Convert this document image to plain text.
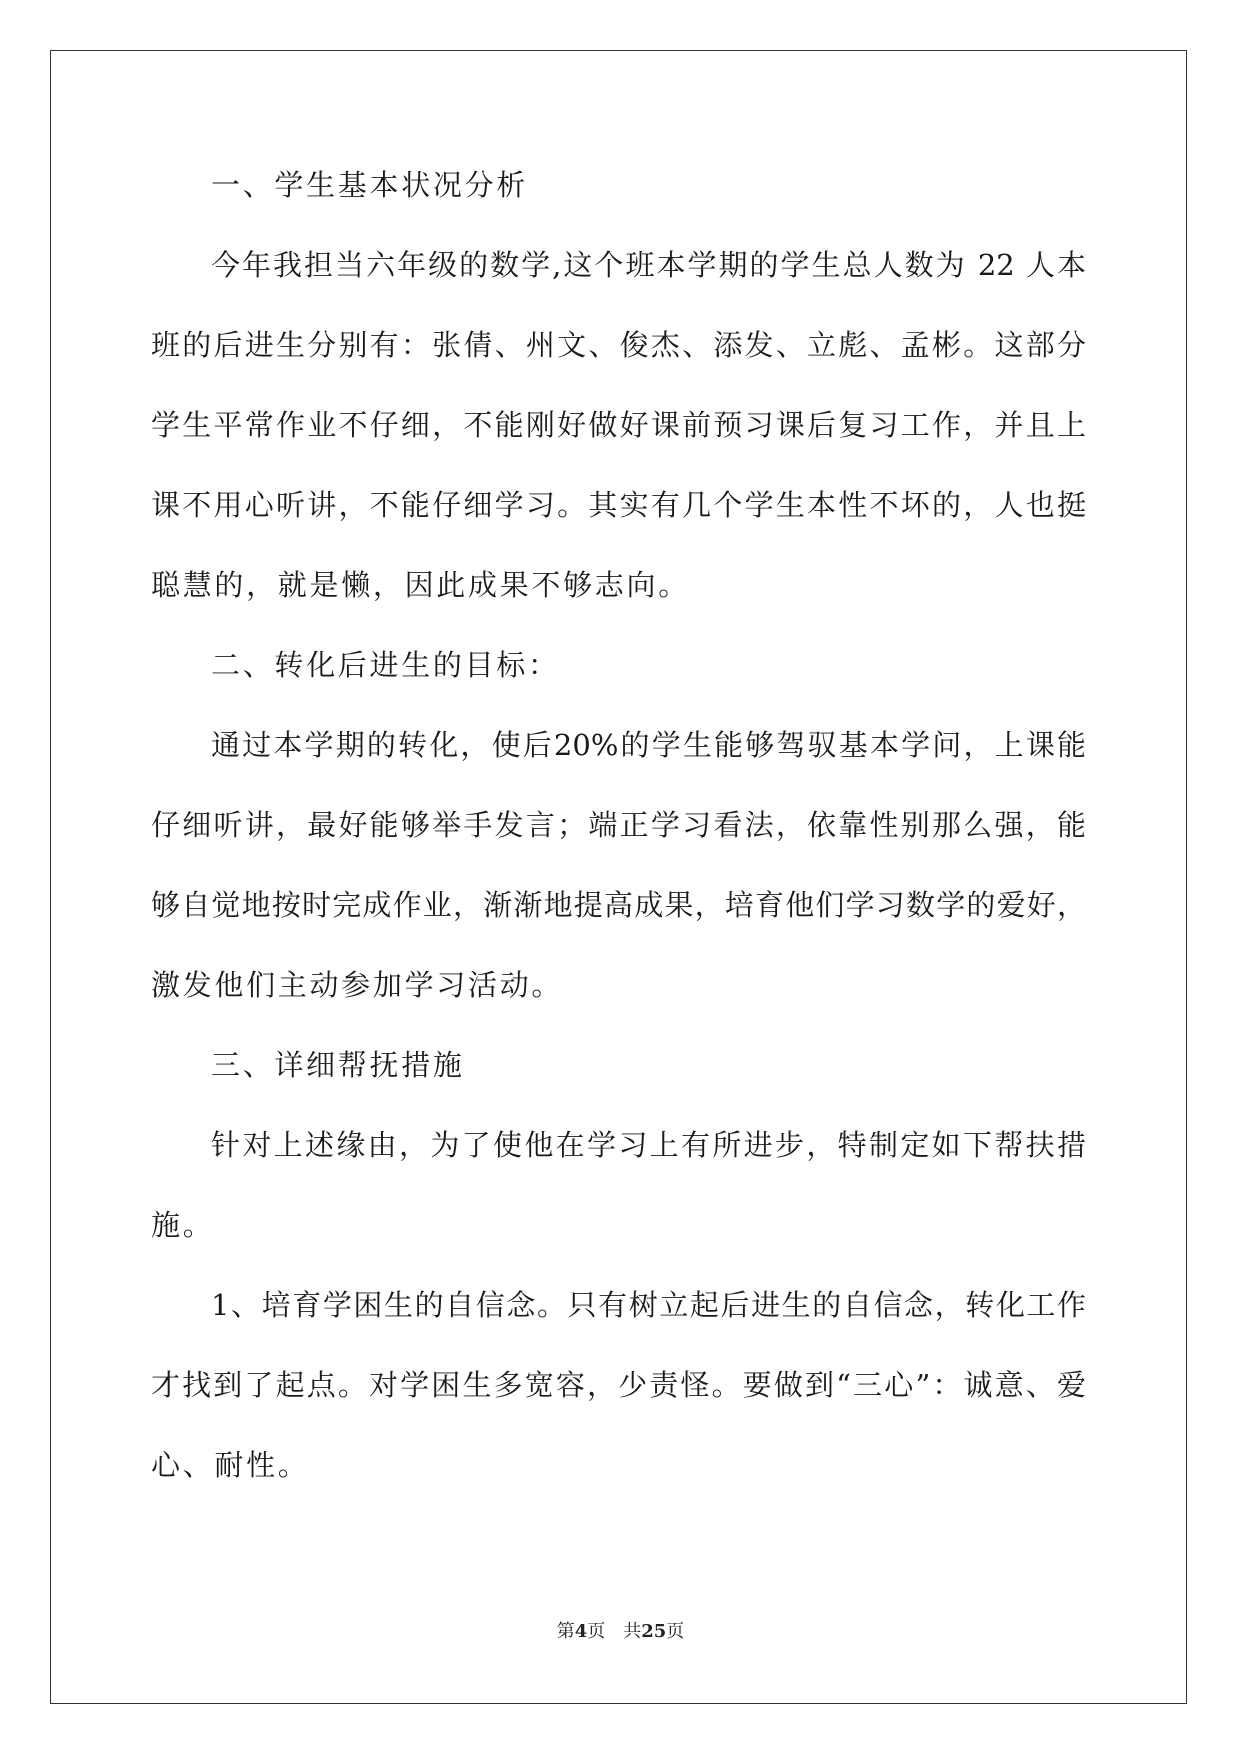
一、学生基本状况分析

今年我担当六年级的数学,这个班本学期的学生总人数为 22 人本

班的后进生分别有：张倩、州文、俊杰、添发、立彪、孟彬。这部分

学生平常作业不仔细，不能刚好做好课前预习课后复习工作，并且上

课不用心听讲，不能仔细学习。其实有几个学生本性不坏的，人也挺

聪慧的，就是懒，因此成果不够志向。

二、转化后进生的目标：

通过本学期的转化，使后20%的学生能够驾驭基本学问，上课能

仔细听讲，最好能够举手发言；端正学习看法，依靠性别那么强，能

够自觉地按时完成作业，渐渐地提高成果，培育他们学习数学的爱好，

激发他们主动参加学习活动。

三、详细帮抚措施

针对上述缘由，为了使他在学习上有所进步，特制定如下帮扶措

施。

1、培育学困生的自信念。只有树立起后进生的自信念，转化工作

才找到了起点。对学困生多宽容，少责怪。要做到“三心”：诚意、爱

心、耐性。

第4页 共25页
